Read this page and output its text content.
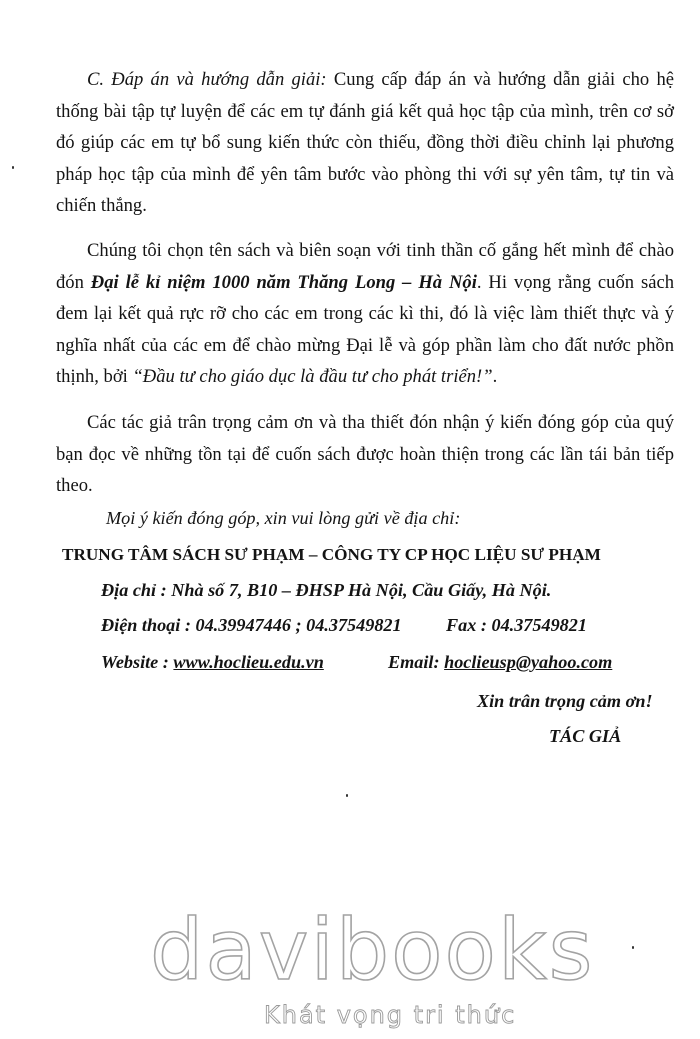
C. Đáp án và hướng dẫn giải: Cung cấp đáp án và hướng dẫn giải cho hệ thống bài tập tự luyện để các em tự đánh giá kết quả học tập của mình, trên cơ sở đó giúp các em tự bổ sung kiến thức còn thiếu, đồng thời điều chỉnh lại phương pháp học tập của mình để yên tâm bước vào phòng thi với sự yên tâm, tự tin và chiến thắng.

Chúng tôi chọn tên sách và biên soạn với tinh thần cố gắng hết mình để chào đón Đại lễ kỉ niệm 1000 năm Thăng Long – Hà Nội. Hi vọng rằng cuốn sách đem lại kết quả rực rỡ cho các em trong các kì thi, đó là việc làm thiết thực và ý nghĩa nhất của các em để chào mừng Đại lễ và góp phần làm cho đất nước phồn thịnh, bởi “Đầu tư cho giáo dục là đầu tư cho phát triển!”.

Các tác giả trân trọng cảm ơn và tha thiết đón nhận ý kiến đóng góp của quý bạn đọc về những tồn tại để cuốn sách được hoàn thiện trong các lần tái bản tiếp theo.

Mọi ý kiến đóng góp, xin vui lòng gửi về địa chỉ:

TRUNG TÂM SÁCH SƯ PHẠM – CÔNG TY CP HỌC LIỆU SƯ PHẠM

Địa chỉ : Nhà số 7, B10 – ĐHSP Hà Nội, Cầu Giấy, Hà Nội.

Điện thoại : 04.39947446 ; 04.37549821 Fax : 04.37549821

Website : www.hoclieu.edu.vn	Email: hoclieusp@yahoo.com

Xin trân trọng cảm ơn!

TÁC GIẢ

davibooks
Khát vọng tri thức
